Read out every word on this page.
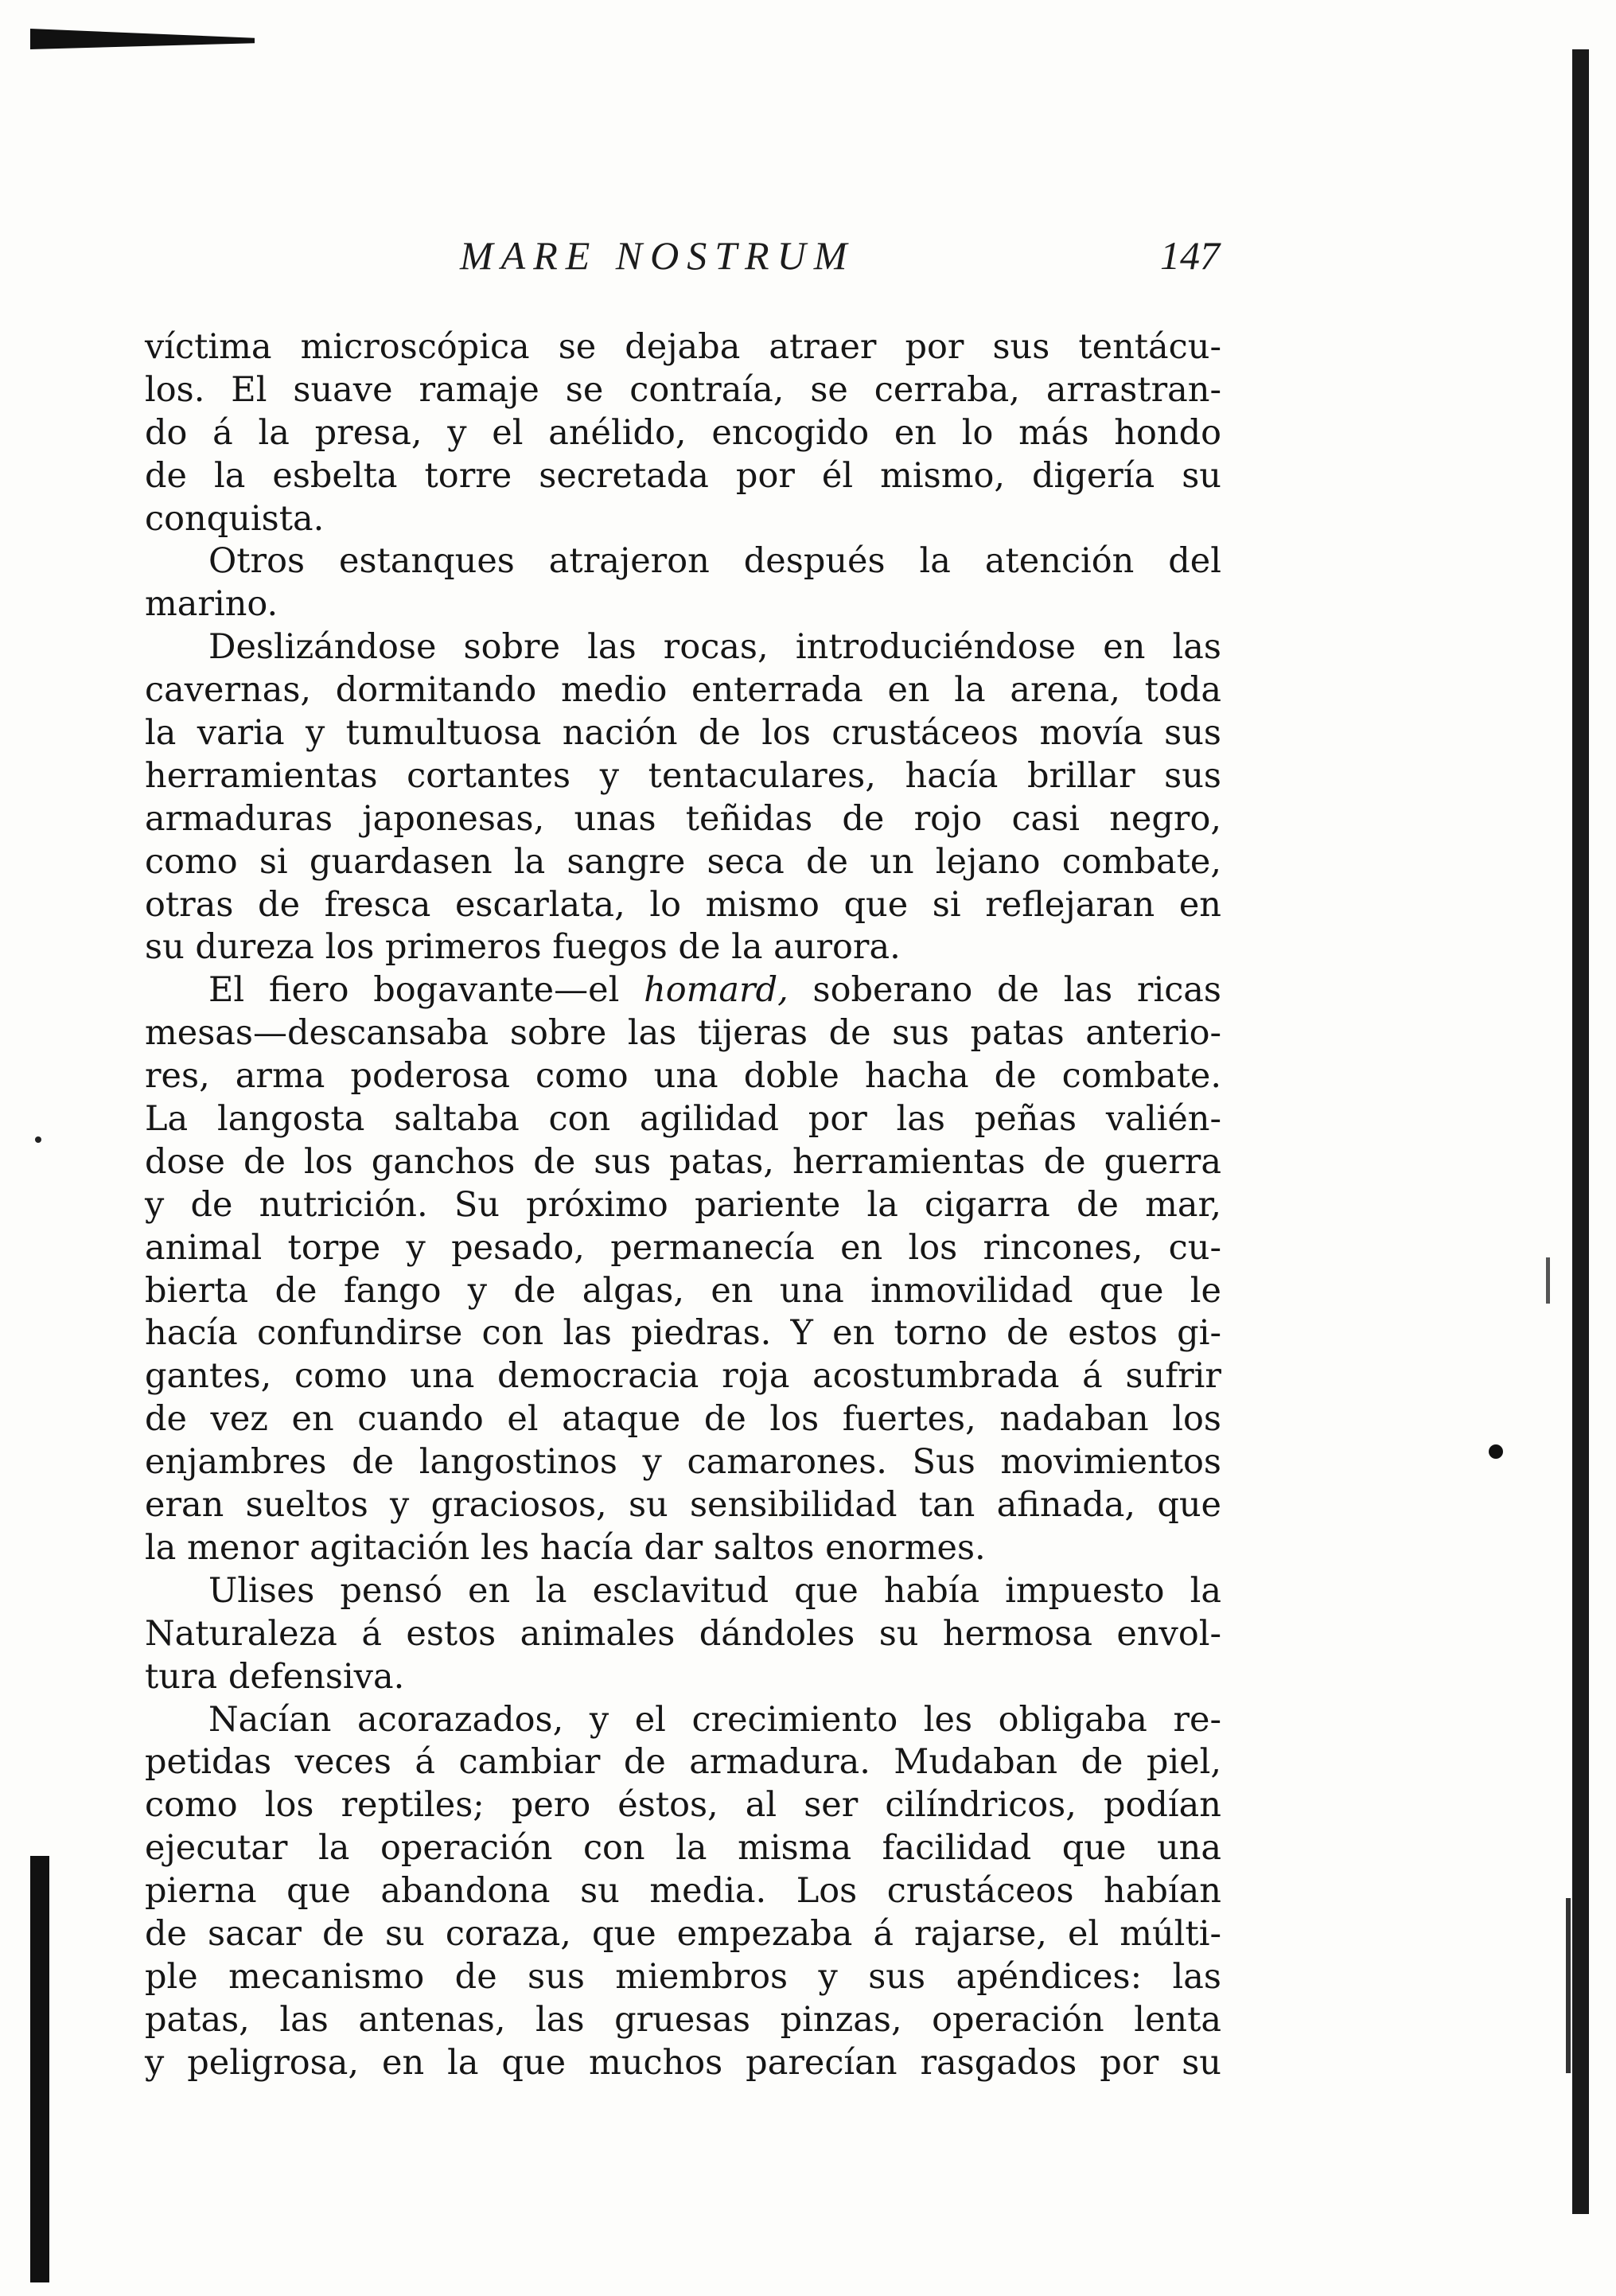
MARE NOSTRUM	147
víctima microscópica se dejaba atraer por sus tentácu-
los. El suave ramaje se contraía, se cerraba, arrastran-
do á la presa, y el anélido, encogido en lo más hondo
de la esbelta torre secretada por él mismo, digería su
conquista.
Otros estanques atrajeron después la atención del
marino.
Deslizándose sobre las rocas, introduciéndose en las
cavernas, dormitando medio enterrada en la arena, toda
la varia y tumultuosa nación de los crustáceos movía sus
herramientas cortantes y tentaculares, hacía brillar sus
armaduras japonesas, unas teñidas de rojo casi negro,
como si guardasen la sangre seca de un lejano combate,
otras de fresca escarlata, lo mismo que si reflejaran en
su dureza los primeros fuegos de la aurora.
El fiero bogavante—el homard, soberano de las ricas
mesas—descansaba sobre las tijeras de sus patas anterio-
res, arma poderosa como una doble hacha de combate.
La langosta saltaba con agilidad por las peñas valién-
dose de los ganchos de sus patas, herramientas de guerra
y de nutrición. Su próximo pariente la cigarra de mar,
animal torpe y pesado, permanecía en los rincones, cu-
bierta de fango y de algas, en una inmovilidad que le
hacía confundirse con las piedras. Y en torno de estos gi-
gantes, como una democracia roja acostumbrada á sufrir
de vez en cuando el ataque de los fuertes, nadaban los
enjambres de langostinos y camarones. Sus movimientos
eran sueltos y graciosos, su sensibilidad tan afinada, que
la menor agitación les hacía dar saltos enormes.
Ulises pensó en la esclavitud que había impuesto la
Naturaleza á estos animales dándoles su hermosa envol-
tura defensiva.
Nacían acorazados, y el crecimiento les obligaba re-
petidas veces á cambiar de armadura. Mudaban de piel,
como los reptiles; pero éstos, al ser cilíndricos, podían
ejecutar la operación con la misma facilidad que una
pierna que abandona su media. Los crustáceos habían
de sacar de su coraza, que empezaba á rajarse, el múlti-
ple mecanismo de sus miembros y sus apéndices: las
patas, las antenas, las gruesas pinzas, operación lenta
y peligrosa, en la que muchos parecían rasgados por su
